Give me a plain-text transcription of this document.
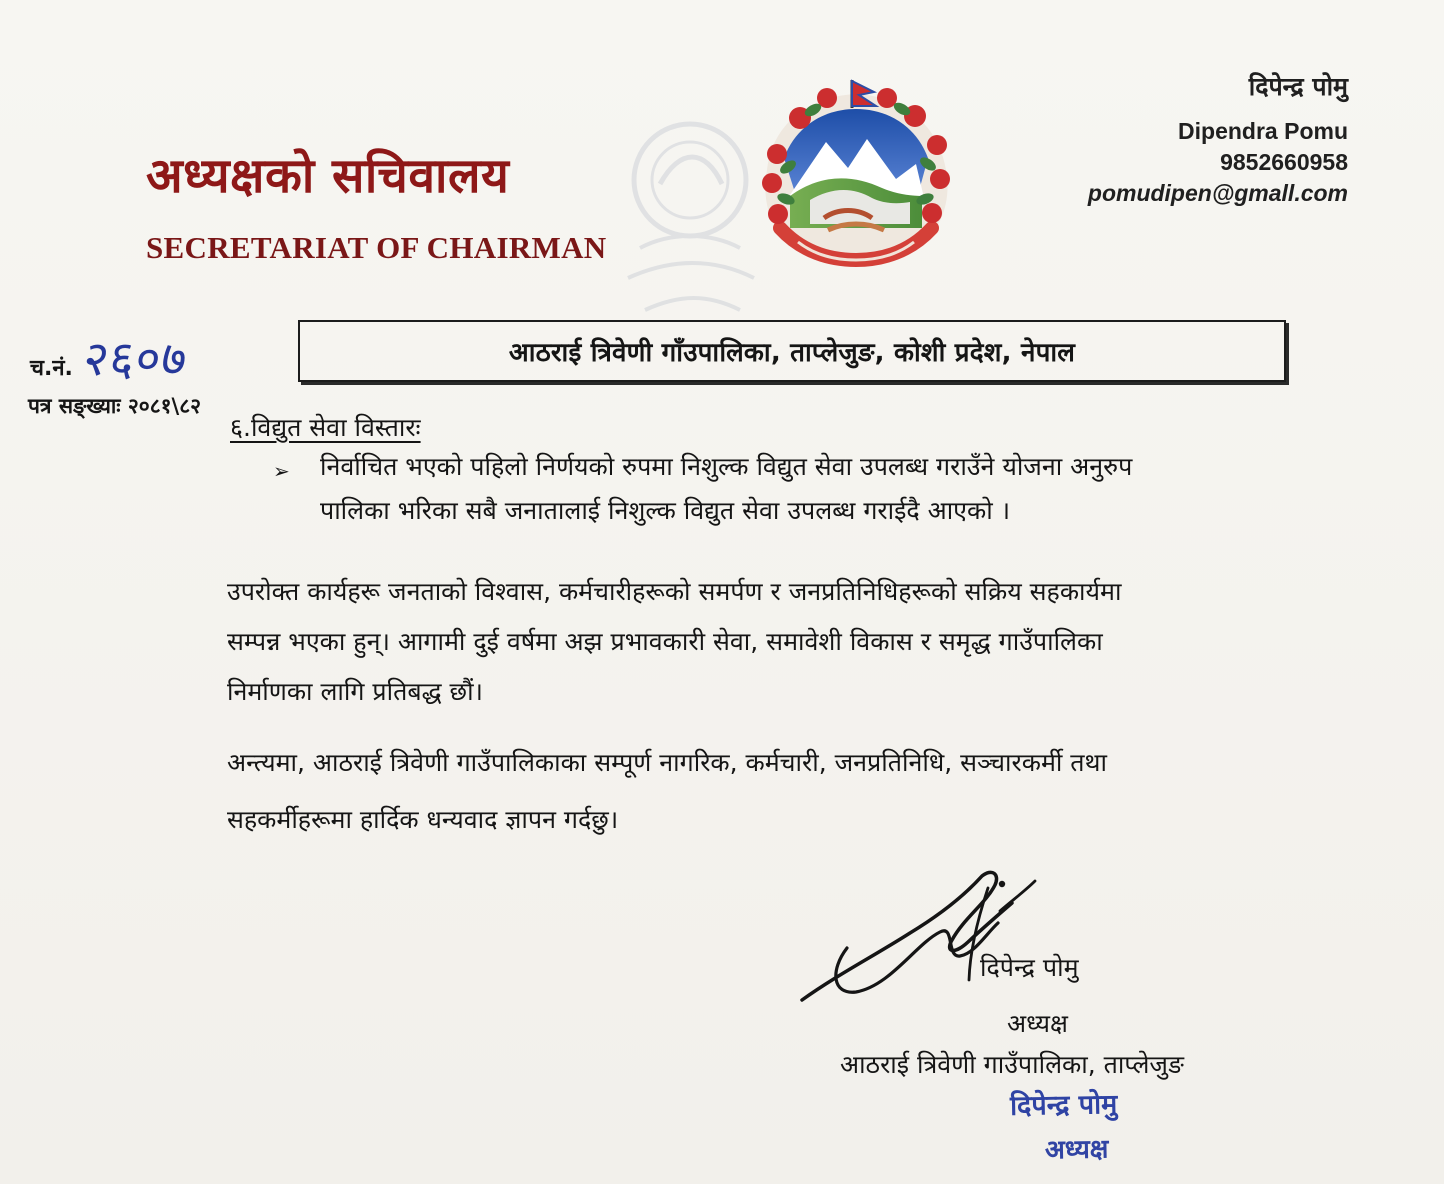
अध्यक्षको सचिवालय
SECRETARIAT OF CHAIRMAN
दिपेन्द्र पोमु
Dipendra Pomu
9852660958
pomudipen@gmall.com
च.नं. २६०७
पत्र सङ्ख्याः २०८१\८२
आठराई त्रिवेणी गाँउपालिका, ताप्लेजुङ, कोशी प्रदेश, नेपाल
६.विद्युत सेवा विस्तारः
➢ निर्वाचित भएको पहिलो निर्णयको रुपमा निशुल्क विद्युत सेवा उपलब्ध गराउँने योजना अनुरुप
पालिका भरिका सबै जनातालाई निशुल्क विद्युत सेवा उपलब्ध गराईदै आएको ।
उपरोक्त कार्यहरू जनताको विश्वास, कर्मचारीहरूको समर्पण र जनप्रतिनिधिहरूको सक्रिय सहकार्यमा
सम्पन्न भएका हुन्। आगामी दुई वर्षमा अझ प्रभावकारी सेवा, समावेशी विकास र समृद्ध गाउँपालिका
निर्माणका लागि प्रतिबद्ध छौं।
अन्त्यमा, आठराई त्रिवेणी गाउँपालिकाका सम्पूर्ण नागरिक, कर्मचारी, जनप्रतिनिधि, सञ्चारकर्मी तथा
सहकर्मीहरूमा हार्दिक धन्यवाद ज्ञापन गर्दछु।
दिपेन्द्र पोमु
अध्यक्ष
आठराई त्रिवेणी गाउँपालिका, ताप्लेजुङ
दिपेन्द्र पोमु
अध्यक्ष
